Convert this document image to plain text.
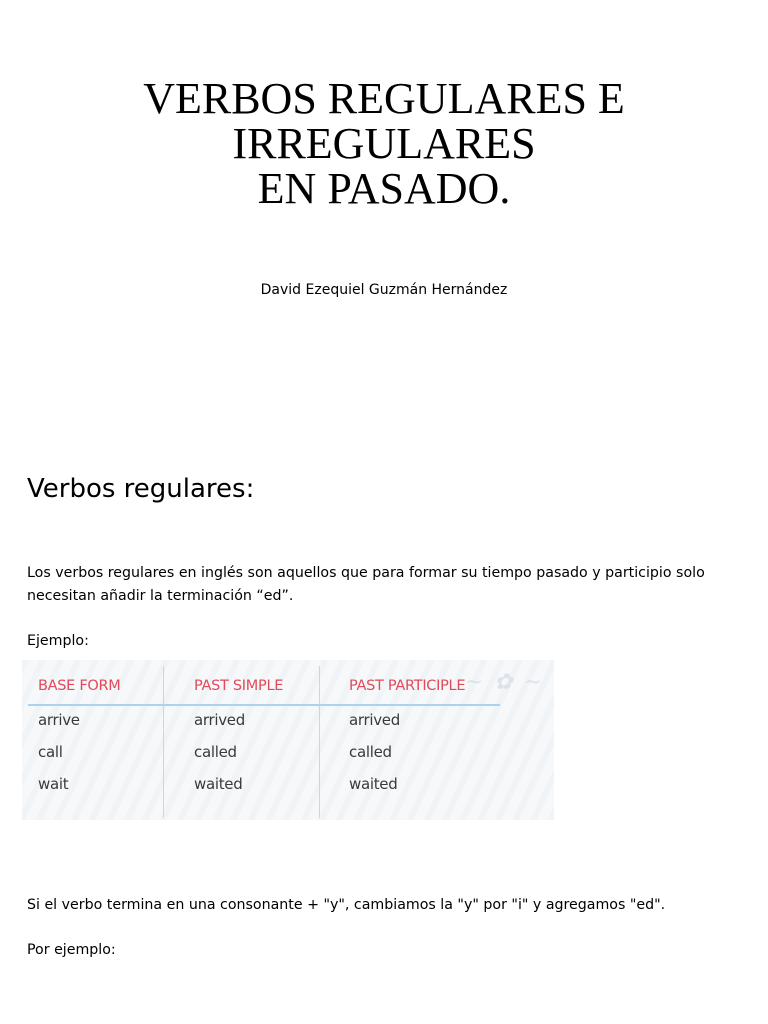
VERBOS REGULARES E
IRREGULARES
EN PASADO.
David Ezequiel Guzmán Hernández
Verbos regulares:

Los verbos regulares en inglés son aquellos que para formar su tiempo pasado y participio solo necesitan añadir la terminación “ed”.

Ejemplo:

~ ✿ ~
BASE FORM	PAST SIMPLE	PAST PARTICIPLE
arrive	arrived	arrived
call	called	called
wait	waited	waited

Si el verbo termina en una consonante + "y", cambiamos la "y" por "i" y agregamos "ed".

Por ejemplo:
